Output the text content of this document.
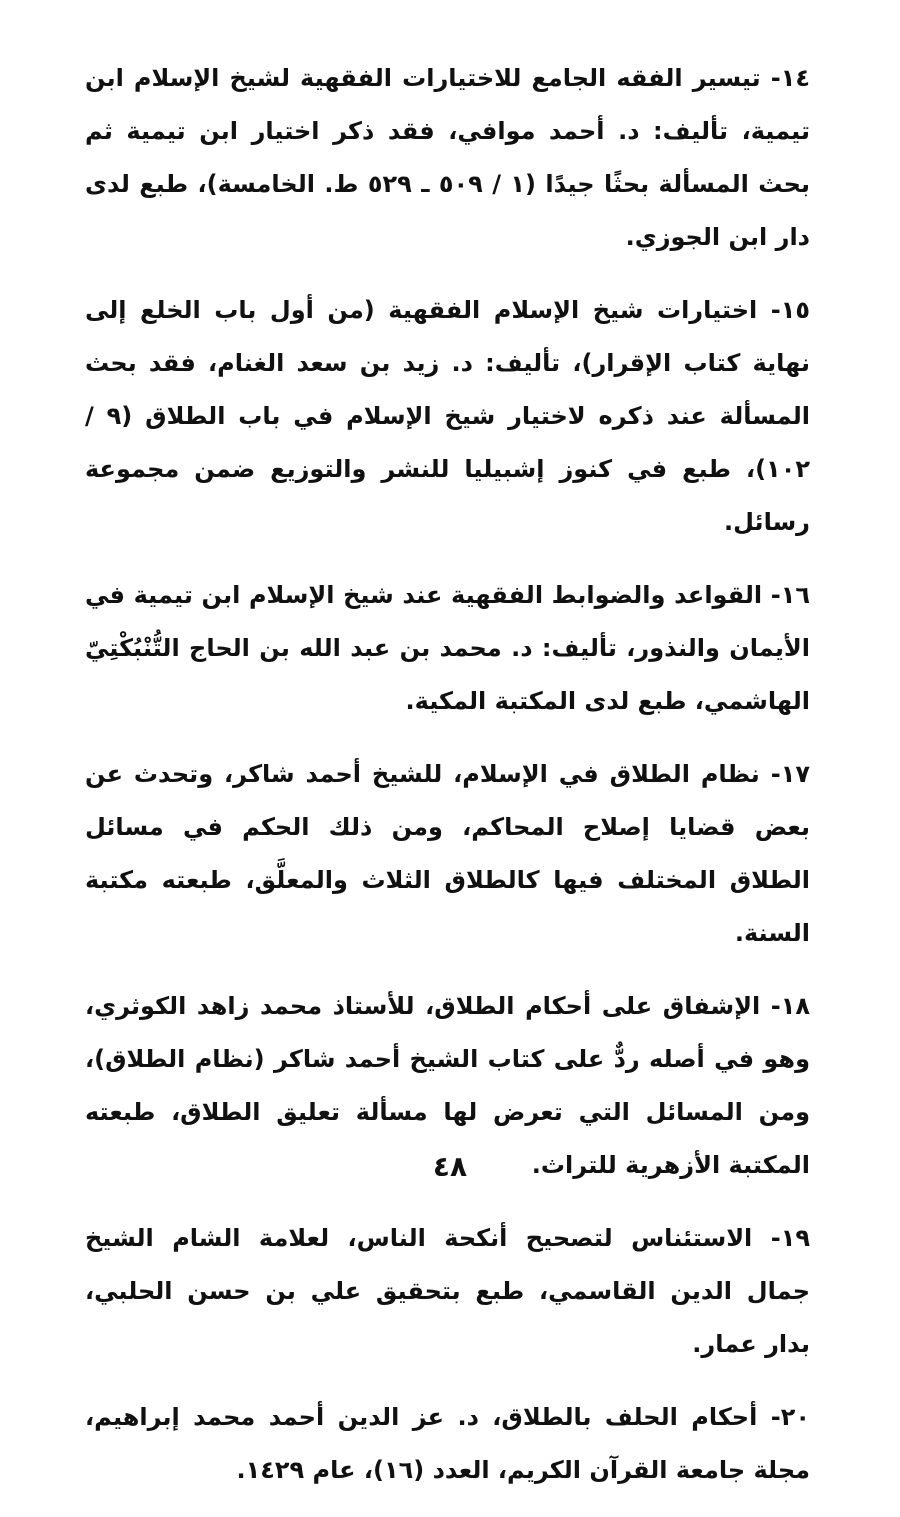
١٤- تيسير الفقه الجامع للاختيارات الفقهية لشيخ الإسلام ابن تيمية، تأليف: د. أحمد موافي، فقد ذكر اختيار ابن تيمية ثم بحث المسألة بحثًا جيدًا (١ / ٥٠٩ ـ ٥٢٩ ط. الخامسة)، طبع لدى دار ابن الجوزي.

١٥- اختيارات شيخ الإسلام الفقهية (من أول باب الخلع إلى نهاية كتاب الإقرار)، تأليف: د. زيد بن سعد الغنام، فقد بحث المسألة عند ذكره لاختيار شيخ الإسلام في باب الطلاق (٩ / ١٠٢)، طبع في كنوز إشبيليا للنشر والتوزيع ضمن مجموعة رسائل.

١٦- القواعد والضوابط الفقهية عند شيخ الإسلام ابن تيمية في الأيمان والنذور، تأليف: د. محمد بن عبد الله بن الحاج التُّنْبُكْتِيّ الهاشمي، طبع لدى المكتبة المكية.

١٧- نظام الطلاق في الإسلام، للشيخ أحمد شاكر، وتحدث عن بعض قضايا إصلاح المحاكم، ومن ذلك الحكم في مسائل الطلاق المختلف فيها كالطلاق الثلاث والمعلَّق، طبعته مكتبة السنة.

١٨- الإشفاق على أحكام الطلاق، للأستاذ محمد زاهد الكوثري، وهو في أصله ردٌّ على كتاب الشيخ أحمد شاكر (نظام الطلاق)، ومن المسائل التي تعرض لها مسألة تعليق الطلاق، طبعته المكتبة الأزهرية للتراث.

١٩- الاستئناس لتصحيح أنكحة الناس، لعلامة الشام الشيخ جمال الدين القاسمي، طبع بتحقيق علي بن حسن الحلبي، بدار عمار.

٢٠- أحكام الحلف بالطلاق، د. عز الدين أحمد محمد إبراهيم، مجلة جامعة القرآن الكريم، العدد (١٦)، عام ١٤٢٩.

٤٨
